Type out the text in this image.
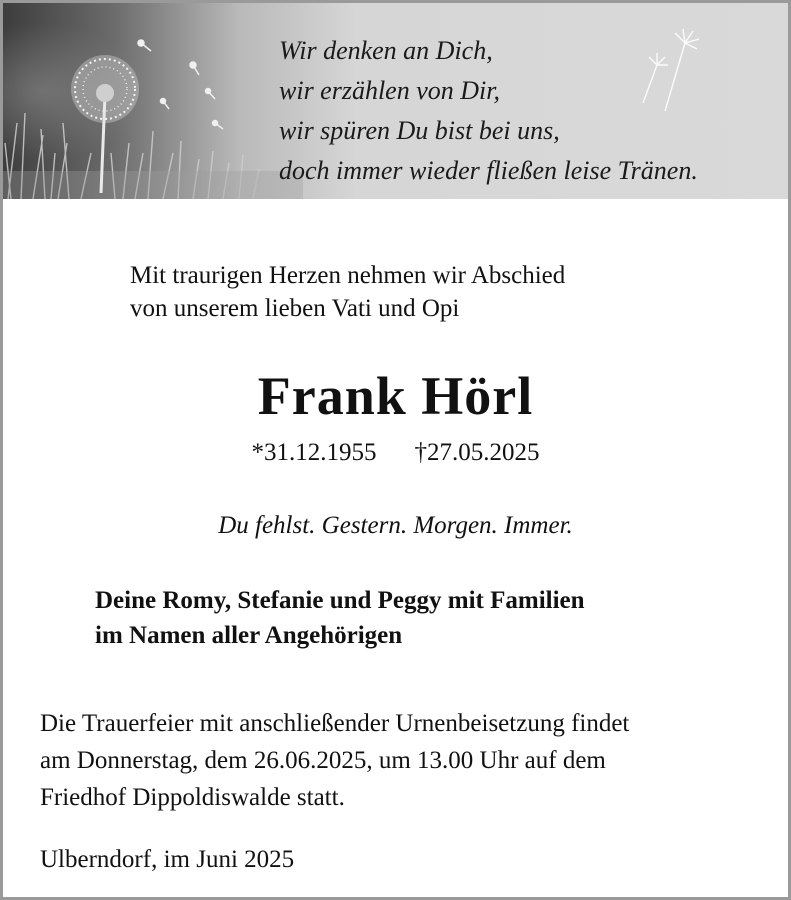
Wir denken an Dich,
wir erzählen von Dir,
wir spüren Du bist bei uns,
doch immer wieder fließen leise Tränen.

Mit traurigen Herzen nehmen wir Abschied
von unserem lieben Vati und Opi
Frank Hörl
*31.12.1955 †27.05.2025
Du fehlst. Gestern. Morgen. Immer.
Deine Romy, Stefanie und Peggy mit Familien
im Namen aller Angehörigen
Die Trauerfeier mit anschließender Urnenbeisetzung findet
am Donnerstag, dem 26.06.2025, um 13.00 Uhr auf dem
Friedhof Dippoldiswalde statt.
Ulberndorf, im Juni 2025
